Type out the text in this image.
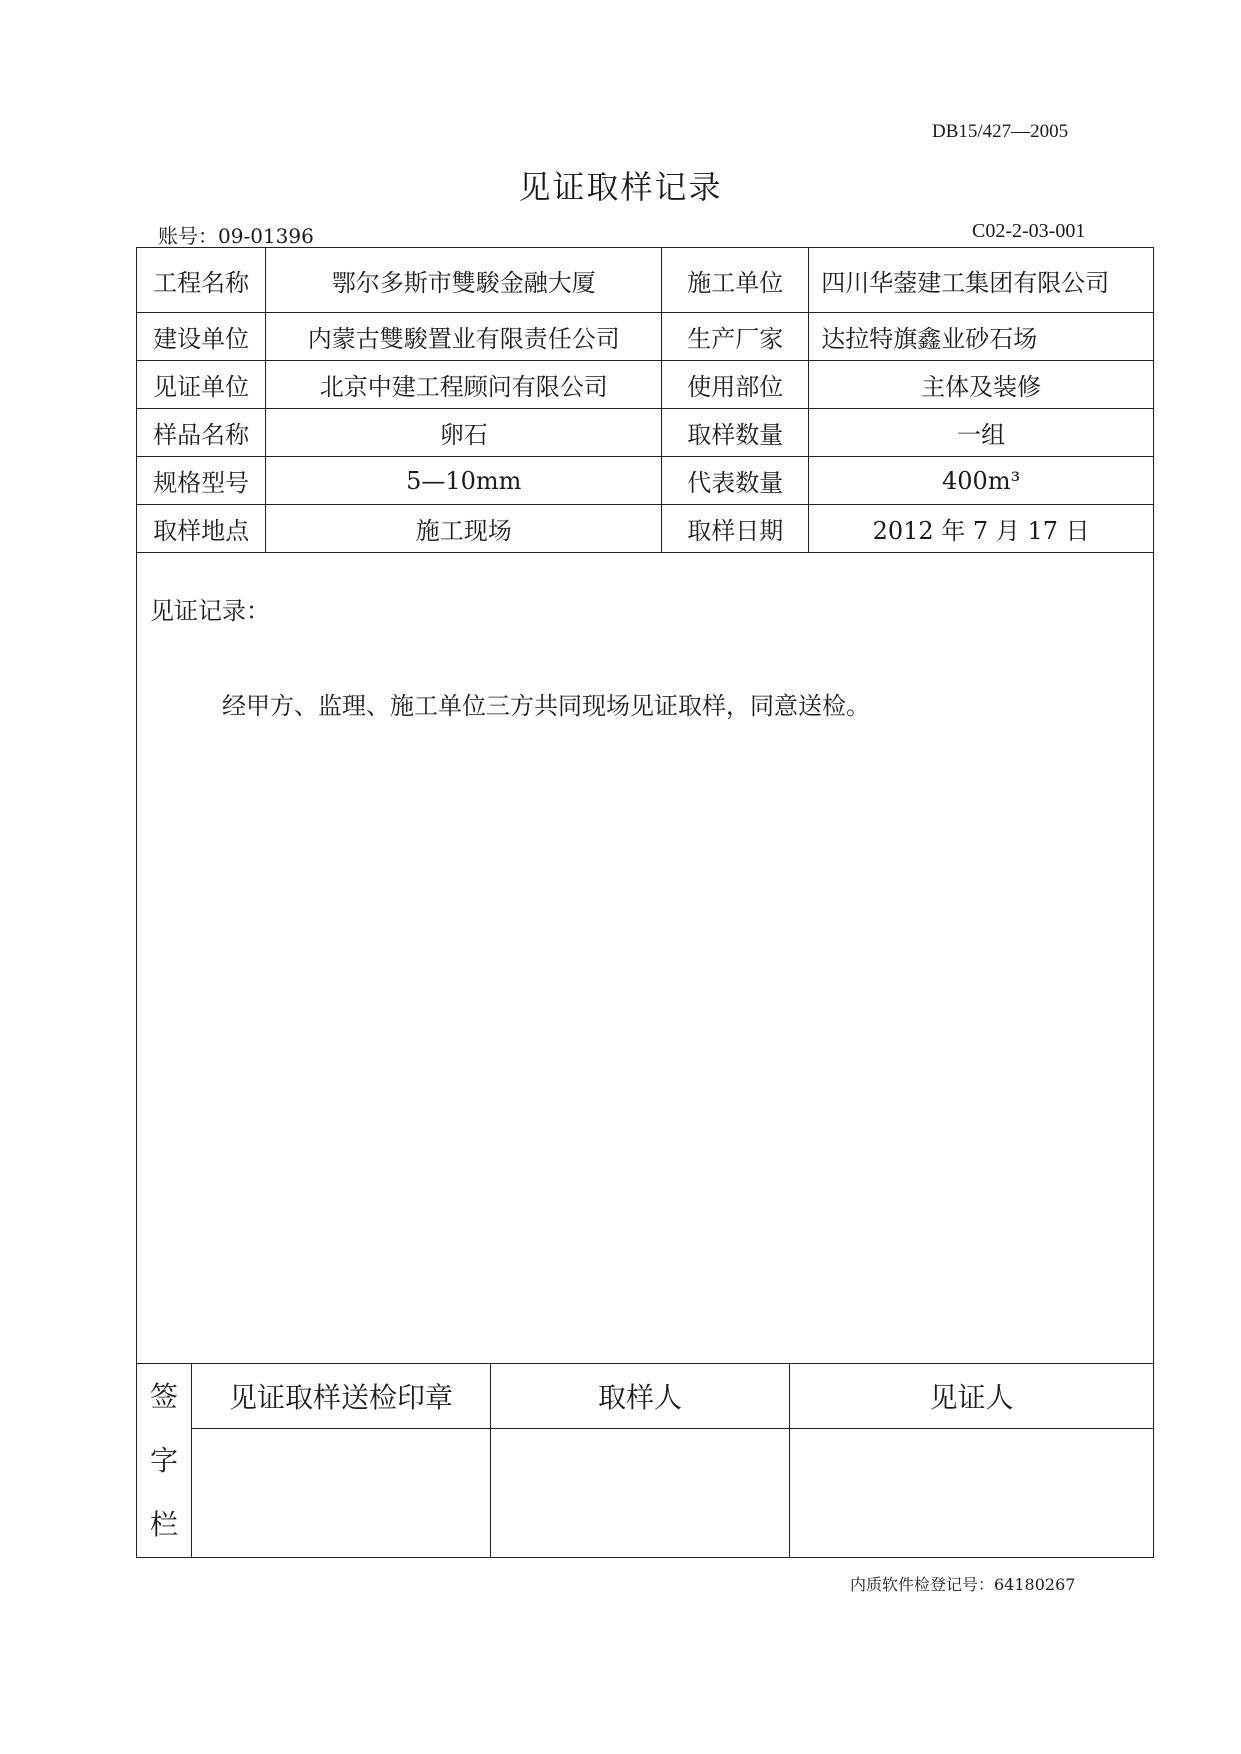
DB15/427—2005
见证取样记录
账号：09-01396	C02-2-03-001
工程名称	鄂尔多斯市雙駿金融大厦	施工单位	四川华蓥建工集团有限公司
建设单位	内蒙古雙駿置业有限责任公司	生产厂家	达拉特旗鑫业砂石场
见证单位	北京中建工程顾问有限公司	使用部位	主体及装修
样品名称	卵石	取样数量	一组
规格型号	5—10mm	代表数量	400m³
取样地点	施工现场	取样日期	2012 年 7 月 17 日
见证记录：
经甲方、监理、施工单位三方共同现场见证取样，同意送检。
签
字
栏	见证取样送检印章	取样人	见证人

内质软件检登记号：64180267
